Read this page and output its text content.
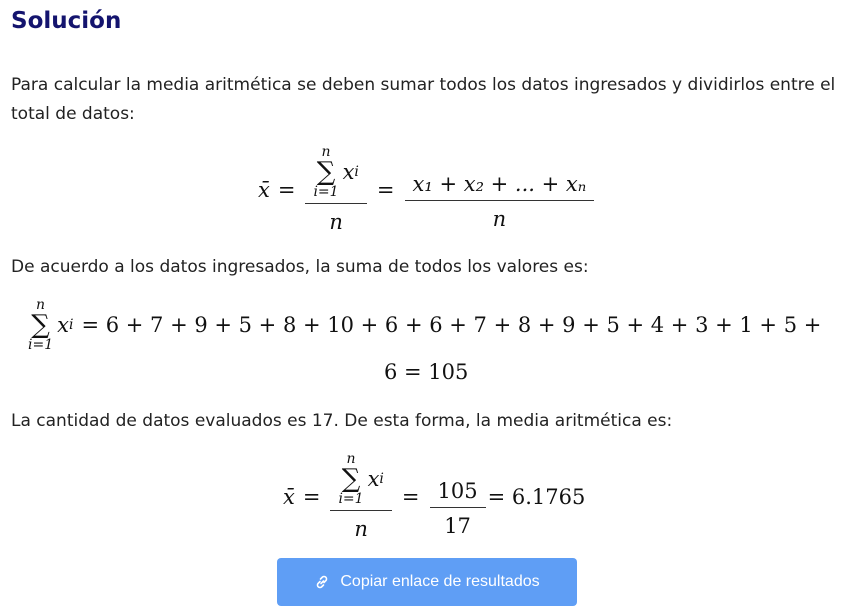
Solución

Para calcular la media aritmética se deben sumar todos los datos ingresados y dividirlos entre el total de datos:

x̄ = n
∑
i=1
x i
$n = \frac{\text{x₁ + x₂ + ... + xₙ}}{n}$

De acuerdo a los datos ingresados, la suma de todos los valores es:

n
∑
i=1
x i = 6 + 7 + 9 + 5 + 8 + 10 + 6 + 6 + 7 + 8 + 9 + 5 + 4 + 3 + 1 + 5 +
6 = 105

La cantidad de datos evaluados es 17. De esta forma, la media aritmética es:

x̄ = n
∑
i=1
x i
$n = \frac{105}{17} = 6.1765$
Copiar enlace de resultados
